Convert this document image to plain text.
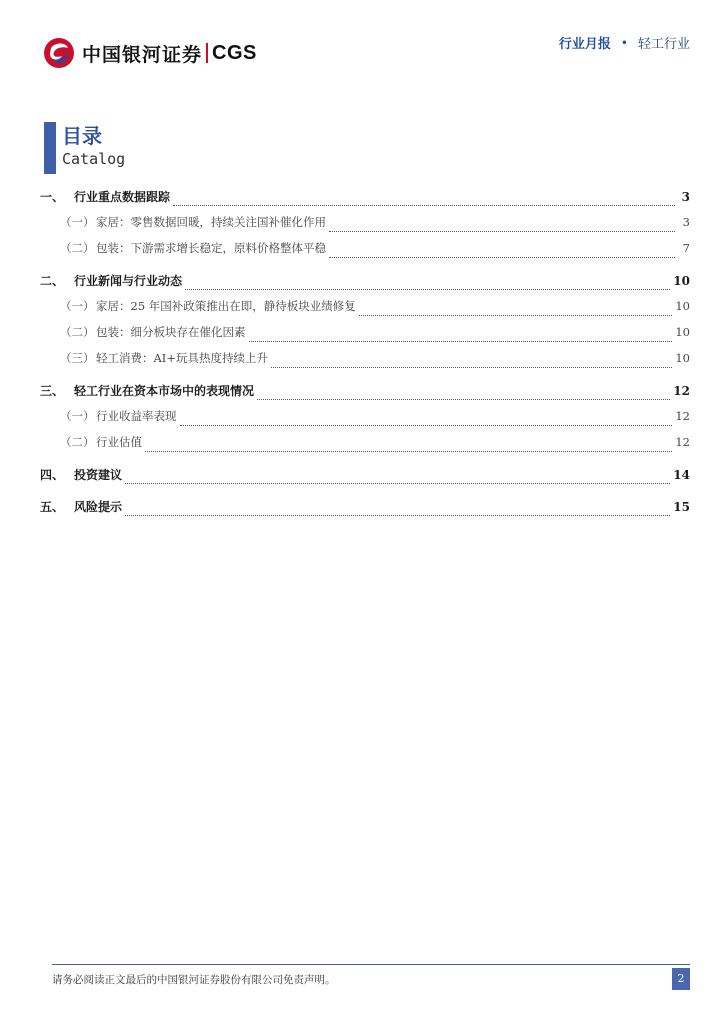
中国银河证券 CGS	行业月报 • 轻工行业
目录
Catalog
一、 行业重点数据跟踪	3
（一） 家居：零售数据回暖，持续关注国补催化作用	3
（二） 包装：下游需求增长稳定，原料价格整体平稳	7
二、 行业新闻与行业动态	10
（一） 家居：25 年国补政策推出在即，静待板块业绩修复	10
（二） 包装：细分板块存在催化因素	10
（三） 轻工消费：AI+玩具热度持续上升	10
三、 轻工行业在资本市场中的表现情况	12
（一） 行业收益率表现	12
（二） 行业估值	12
四、 投资建议	14
五、 风险提示	15
请务必阅读正文最后的中国银河证券股份有限公司免责声明。	2
